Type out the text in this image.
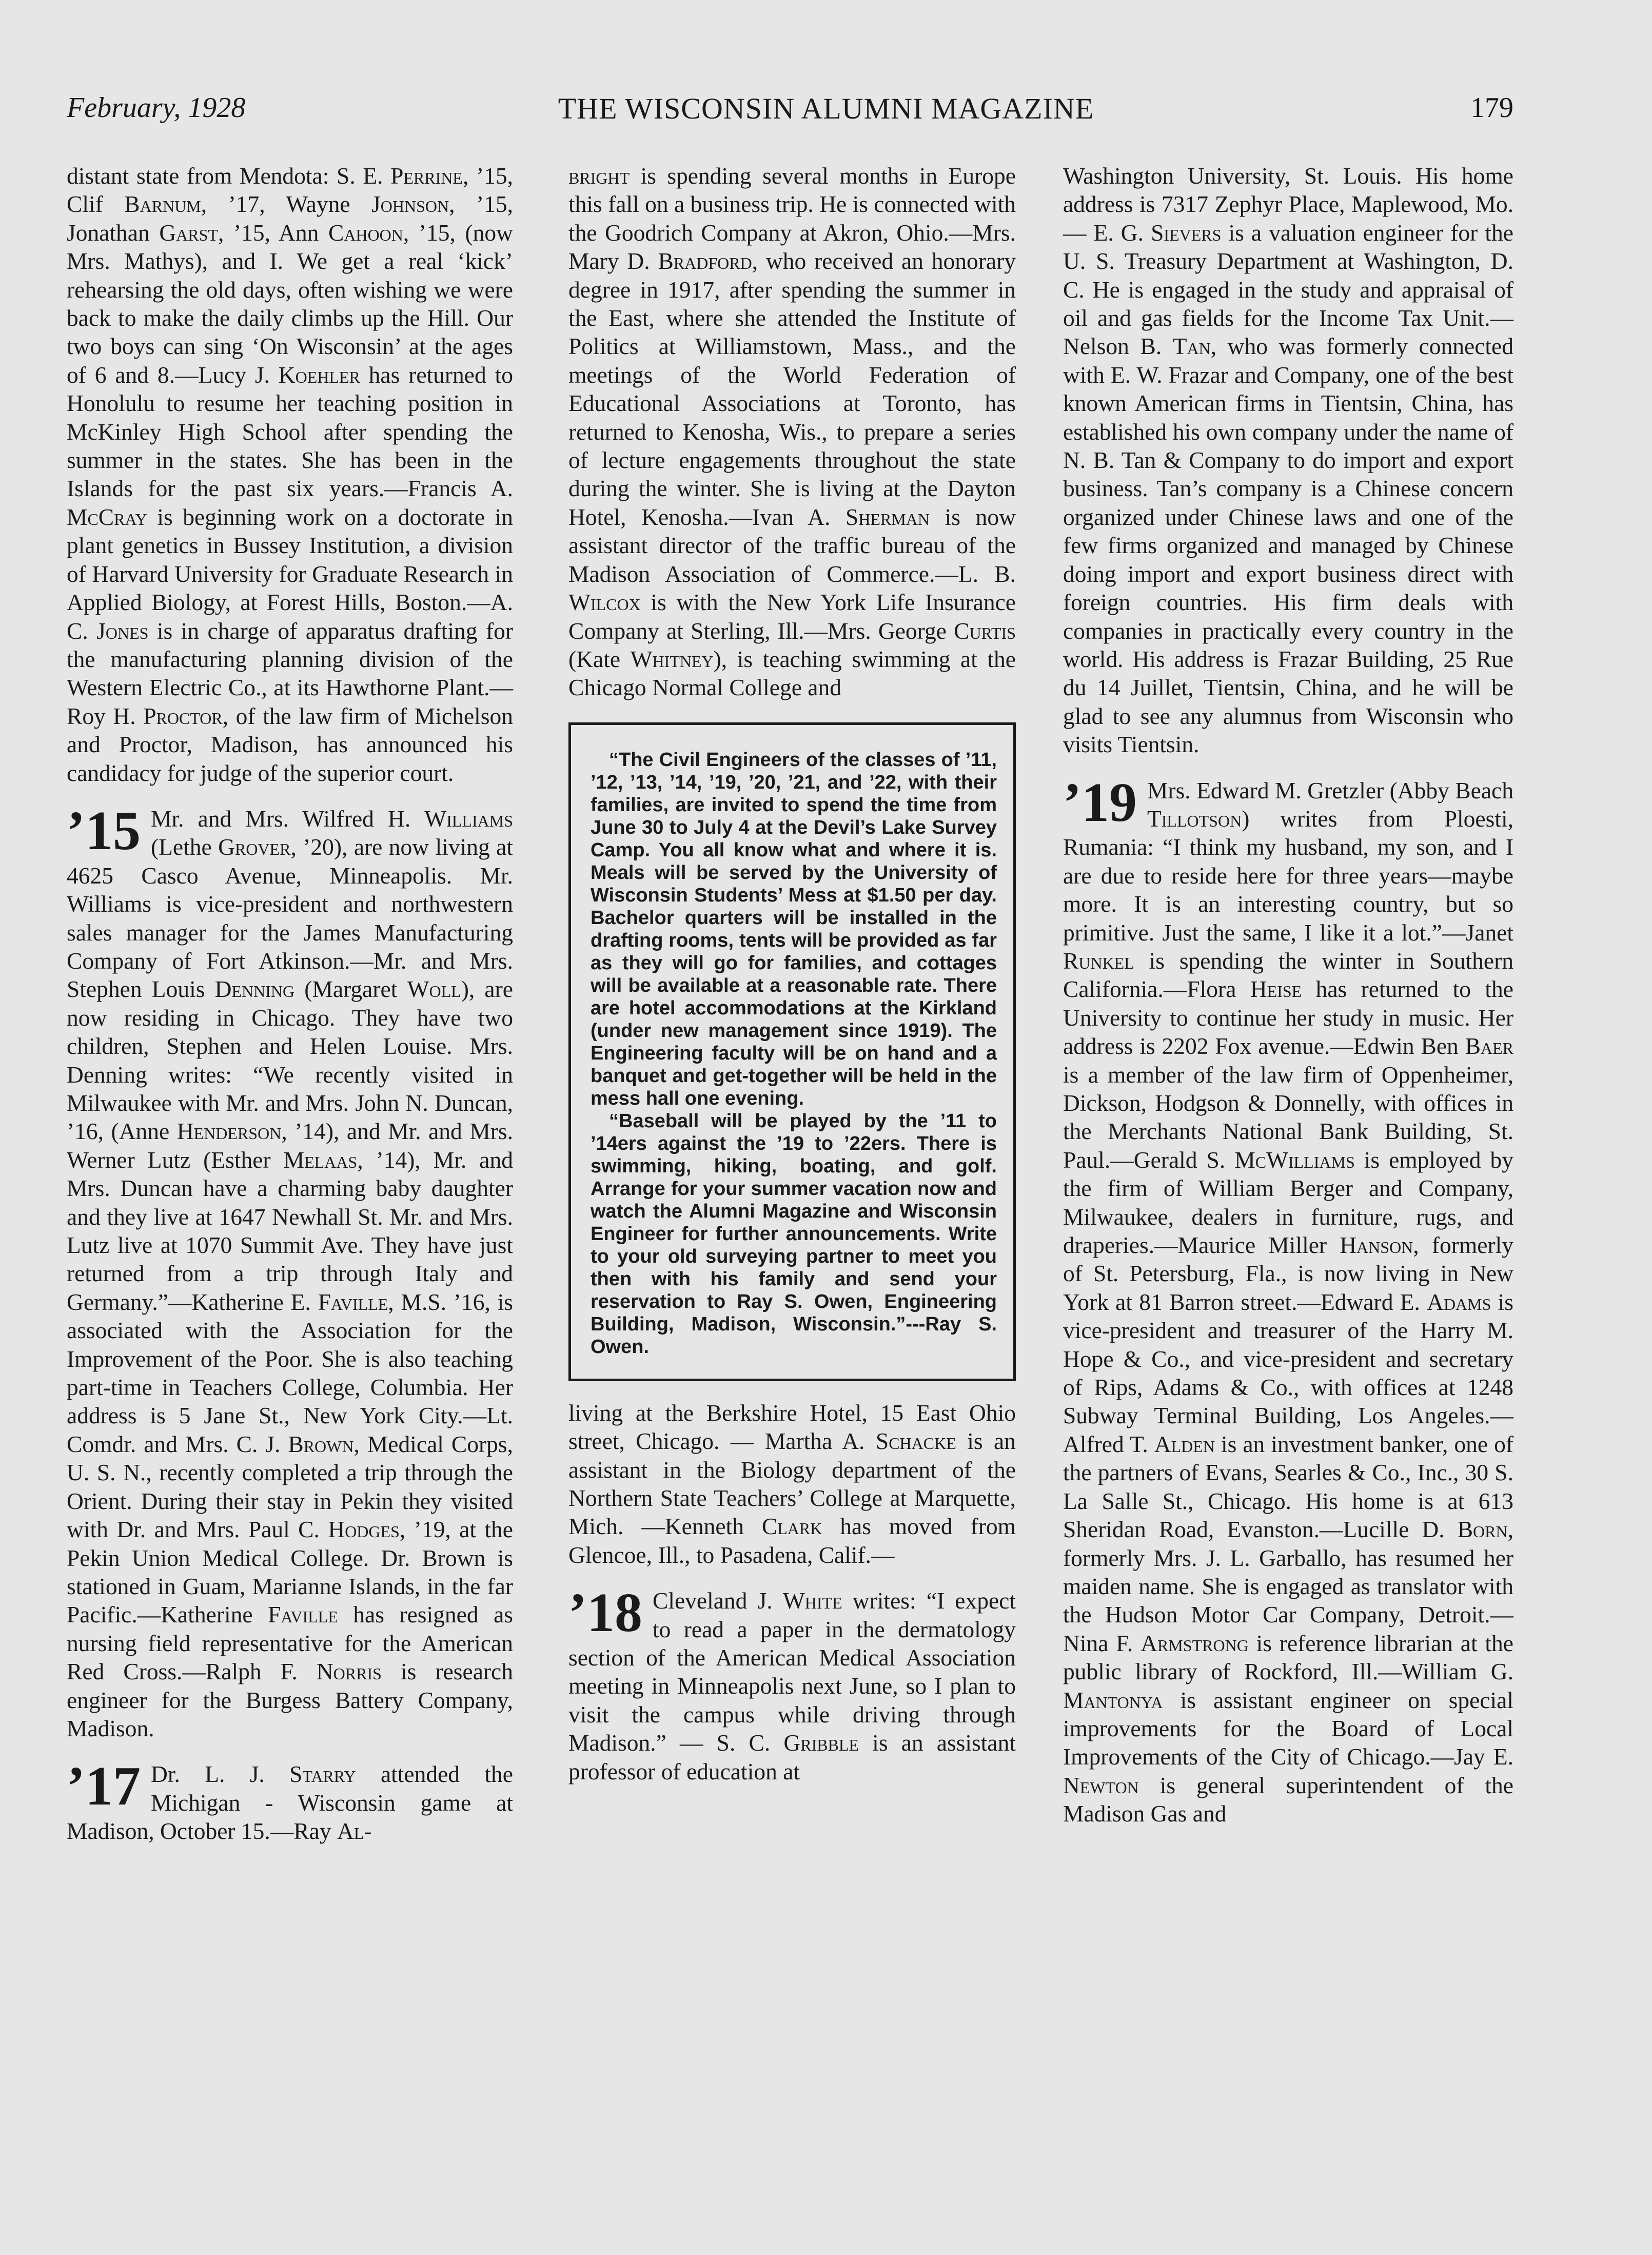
February, 1928	THE WISCONSIN ALUMNI MAGAZINE	179

distant state from Mendota: S. E. Perrine, ’15, Clif Barnum, ’17, Wayne Johnson, ’15, Jonathan Garst, ’15, Ann Cahoon, ’15, (now Mrs. Mathys), and I. We get a real ‘kick’ rehearsing the old days, often wishing we were back to make the daily climbs up the Hill. Our two boys can sing ‘On Wisconsin’ at the ages of 6 and 8.—Lucy J. Koehler has returned to Honolulu to resume her teaching position in McKinley High School after spending the summer in the states. She has been in the Islands for the past six years.—Francis A. McCray is beginning work on a doctorate in plant genetics in Bussey Institution, a division of Harvard University for Graduate Research in Applied Biology, at Forest Hills, Boston.—A. C. Jones is in charge of apparatus drafting for the manufacturing planning division of the Western Electric Co., at its Hawthorne Plant.—Roy H. Proctor, of the law firm of Michelson and Proctor, Madison, has announced his candidacy for judge of the superior court.

’15 Mr. and Mrs. Wilfred H. Williams (Lethe Grover, ’20), are now living at 4625 Casco Avenue, Minneapolis. Mr. Williams is vice-president and northwestern sales manager for the James Manufacturing Company of Fort Atkinson.—Mr. and Mrs. Stephen Louis Denning (Margaret Woll), are now residing in Chicago. They have two children, Stephen and Helen Louise. Mrs. Denning writes: “We recently visited in Milwaukee with Mr. and Mrs. John N. Duncan, ’16, (Anne Henderson, ’14), and Mr. and Mrs. Werner Lutz (Esther Melaas, ’14), Mr. and Mrs. Duncan have a charming baby daughter and they live at 1647 Newhall St. Mr. and Mrs. Lutz live at 1070 Summit Ave. They have just returned from a trip through Italy and Germany.”—Katherine E. Faville, M.S. ’16, is associated with the Association for the Improvement of the Poor. She is also teaching part-time in Teachers College, Columbia. Her address is 5 Jane St., New York City.—Lt. Comdr. and Mrs. C. J. Brown, Medical Corps, U. S. N., recently completed a trip through the Orient. During their stay in Pekin they visited with Dr. and Mrs. Paul C. Hodges, ’19, at the Pekin Union Medical College. Dr. Brown is stationed in Guam, Marianne Islands, in the far Pacific.—Katherine Faville has resigned as nursing field representative for the American Red Cross.—Ralph F. Norris is research engineer for the Burgess Battery Company, Madison.

’17 Dr. L. J. Starry attended the Michigan - Wisconsin game at Madison, October 15.—Ray Al-

bright is spending several months in Europe this fall on a business trip. He is connected with the Goodrich Company at Akron, Ohio.—Mrs. Mary D. Bradford, who received an honorary degree in 1917, after spending the summer in the East, where she attended the Institute of Politics at Williamstown, Mass., and the meetings of the World Federation of Educational Associations at Toronto, has returned to Kenosha, Wis., to prepare a series of lecture engagements throughout the state during the winter. She is living at the Dayton Hotel, Kenosha.—Ivan A. Sherman is now assistant director of the traffic bureau of the Madison Association of Commerce.—L. B. Wilcox is with the New York Life Insurance Company at Sterling, Ill.—Mrs. George Curtis (Kate Whitney), is teaching swimming at the Chicago Normal College and

“The Civil Engineers of the classes of ’11, ’12, ’13, ’14, ’19, ’20, ’21, and ’22, with their families, are invited to spend the time from June 30 to July 4 at the Devil’s Lake Survey Camp. You all know what and where it is. Meals will be served by the University of Wisconsin Students’ Mess at $1.50 per day. Bachelor quarters will be installed in the drafting rooms, tents will be provided as far as they will go for families, and cottages will be available at a reasonable rate. There are hotel accommodations at the Kirkland (under new management since 1919). The Engineering faculty will be on hand and a banquet and get-together will be held in the mess hall one evening.

“Baseball will be played by the ’11 to ’14ers against the ’19 to ’22ers. There is swimming, hiking, boating, and golf. Arrange for your summer vacation now and watch the Alumni Magazine and Wisconsin Engineer for further announcements. Write to your old surveying partner to meet you then with his family and send your reservation to Ray S. Owen, Engineering Building, Madison, Wisconsin.”---Ray S. Owen.

living at the Berkshire Hotel, 15 East Ohio street, Chicago. — Martha A. Schacke is an assistant in the Biology department of the Northern State Teachers’ College at Marquette, Mich. —Kenneth Clark has moved from Glencoe, Ill., to Pasadena, Calif.—

’18 Cleveland J. White writes: “I expect to read a paper in the dermatology section of the American Medical Association meeting in Minneapolis next June, so I plan to visit the campus while driving through Madison.” — S. C. Gribble is an assistant professor of education at

Washington University, St. Louis. His home address is 7317 Zephyr Place, Maplewood, Mo. — E. G. Sievers is a valuation engineer for the U. S. Treasury Department at Washington, D. C. He is engaged in the study and appraisal of oil and gas fields for the Income Tax Unit.—Nelson B. Tan, who was formerly connected with E. W. Frazar and Company, one of the best known American firms in Tientsin, China, has established his own company under the name of N. B. Tan & Company to do import and export business. Tan’s company is a Chinese concern organized under Chinese laws and one of the few firms organized and managed by Chinese doing import and export business direct with foreign countries. His firm deals with companies in practically every country in the world. His address is Frazar Building, 25 Rue du 14 Juillet, Tientsin, China, and he will be glad to see any alumnus from Wisconsin who visits Tientsin.

’19 Mrs. Edward M. Gretzler (Abby Beach Tillotson) writes from Ploesti, Rumania: “I think my husband, my son, and I are due to reside here for three years—maybe more. It is an interesting country, but so primitive. Just the same, I like it a lot.”—Janet Runkel is spending the winter in Southern California.—Flora Heise has returned to the University to continue her study in music. Her address is 2202 Fox avenue.—Edwin Ben Baer is a member of the law firm of Oppenheimer, Dickson, Hodgson & Donnelly, with offices in the Merchants National Bank Building, St. Paul.—Gerald S. McWilliams is employed by the firm of William Berger and Company, Milwaukee, dealers in furniture, rugs, and draperies.—Maurice Miller Hanson, formerly of St. Petersburg, Fla., is now living in New York at 81 Barron street.—Edward E. Adams is vice-president and treasurer of the Harry M. Hope & Co., and vice-president and secretary of Rips, Adams & Co., with offices at 1248 Subway Terminal Building, Los Angeles.—Alfred T. Alden is an investment banker, one of the partners of Evans, Searles & Co., Inc., 30 S. La Salle St., Chicago. His home is at 613 Sheridan Road, Evanston.—Lucille D. Born, formerly Mrs. J. L. Garballo, has resumed her maiden name. She is engaged as translator with the Hudson Motor Car Company, Detroit.—Nina F. Armstrong is reference librarian at the public library of Rockford, Ill.—William G. Mantonya is assistant engineer on special improvements for the Board of Local Improvements of the City of Chicago.—Jay E. Newton is general superintendent of the Madison Gas and
